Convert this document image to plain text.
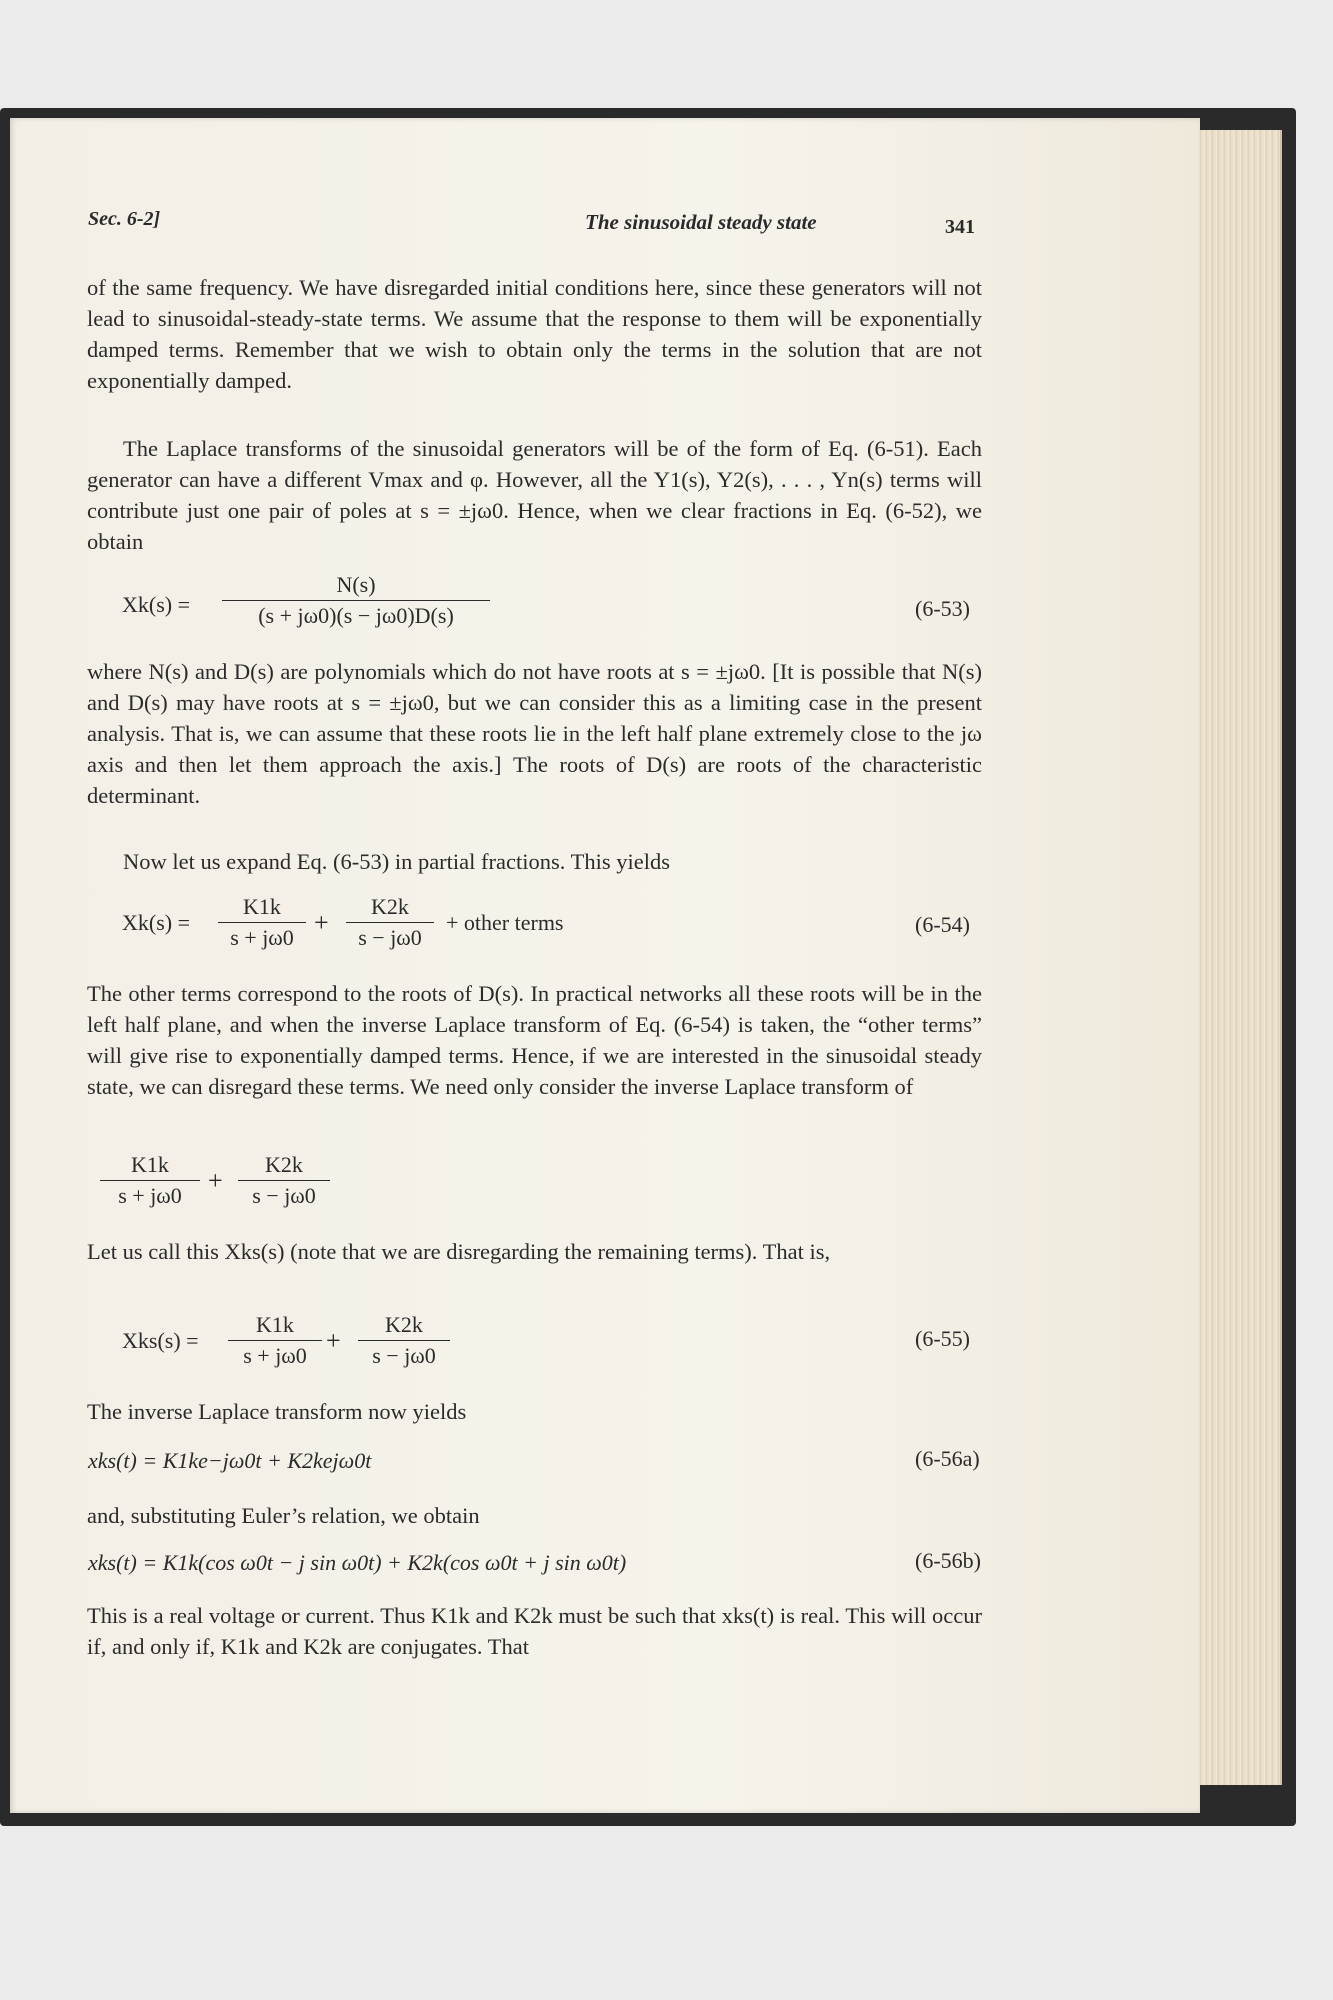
Sec. 6-2]	The sinusoidal steady state	341
of the same frequency. We have disregarded initial conditions here, since these generators will not lead to sinusoidal-steady-state terms. We assume that the response to them will be exponentially damped terms. Remember that we wish to obtain only the terms in the solution that are not exponentially damped.
The Laplace transforms of the sinusoidal generators will be of the form of Eq. (6-51). Each generator can have a different Vmax and φ. However, all the Y1(s), Y2(s), . . . , Yn(s) terms will contribute just one pair of poles at s = ±jω0. Hence, when we clear fractions in Eq. (6-52), we obtain
$Xk(s) = \frac{N(s)}{(s + j\omega 0)(s - j\omega 0)D(s)}$	(6-53)
where N(s) and D(s) are polynomials which do not have roots at s = ±jω0. [It is possible that N(s) and D(s) may have roots at s = ±jω0, but we can consider this as a limiting case in the present analysis. That is, we can assume that these roots lie in the left half plane extremely close to the jω axis and then let them approach the axis.] The roots of D(s) are roots of the characteristic determinant.
Now let us expand Eq. (6-53) in partial fractions. This yields
$Xk(s) = \frac{K1k}{s + j\omega 0} + \frac{K2k}{s - j\omega 0}$ + other terms	(6-54)
The other terms correspond to the roots of D(s). In practical networks all these roots will be in the left half plane, and when the inverse Laplace transform of Eq. (6-54) is taken, the “other terms” will give rise to exponentially damped terms. Hence, if we are interested in the sinusoidal steady state, we can disregard these terms. We need only consider the inverse Laplace transform of
$\frac{K1k}{s + j\omega 0} + \frac{K2k}{s - j\omega 0}$
Let us call this Xks(s) (note that we are disregarding the remaining terms). That is,
$Xks(s) = \frac{K1k}{s + j\omega 0} + \frac{K2k}{s - j\omega 0}$	(6-55)
The inverse Laplace transform now yields
xks(t) = K1ke−jω0t + K2kejω0t	(6-56a)
and, substituting Euler’s relation, we obtain
xks(t) = K1k(cos ω0t − j sin ω0t) + K2k(cos ω0t + j sin ω0t)	(6-56b)
This is a real voltage or current. Thus K1k and K2k must be such that xks(t) is real. This will occur if, and only if, K1k and K2k are conjugates. That
